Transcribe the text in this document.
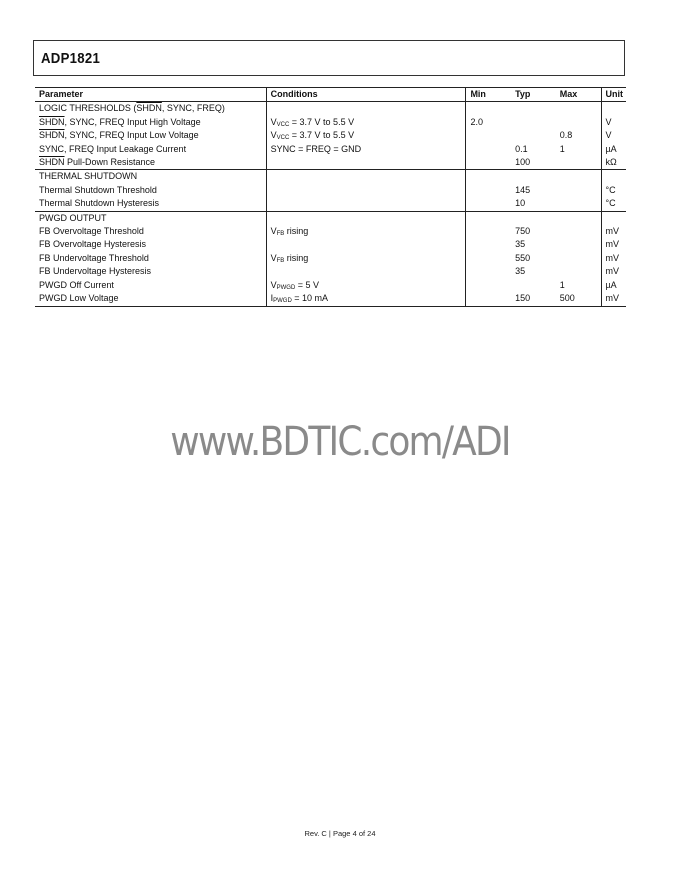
ADP1821
Parameter	Conditions	Min	Typ	Max	Unit
LOGIC THRESHOLDS (SHDN, SYNC, FREQ)					
SHDN, SYNC, FREQ Input High Voltage	$V_{VCC} = 3.7$ V to 5.5 V	2.0			V
SHDN, SYNC, FREQ Input Low Voltage	$V_{VCC} = 3.7$ V to 5.5 V			0.8	V
SYNC, FREQ Input Leakage Current	SYNC = FREQ = GND		0.1	1	µA
SHDN Pull-Down Resistance			100		kΩ
THERMAL SHUTDOWN					
Thermal Shutdown Threshold			145		°C
Thermal Shutdown Hysteresis			10		°C
PWGD OUTPUT					
FB Overvoltage Threshold	$V_{FB}$ rising		750		mV
FB Overvoltage Hysteresis			35		mV
FB Undervoltage Threshold	$V_{FB}$ rising		550		mV
FB Undervoltage Hysteresis			35		mV
PWGD Off Current	$V_{PWGD} = 5$ V			1	µA
PWGD Low Voltage	$I_{PWGD} = 10$ mA		150	500	mV
www.BDTIC.com/ADI
Rev. C | Page 4 of 24
